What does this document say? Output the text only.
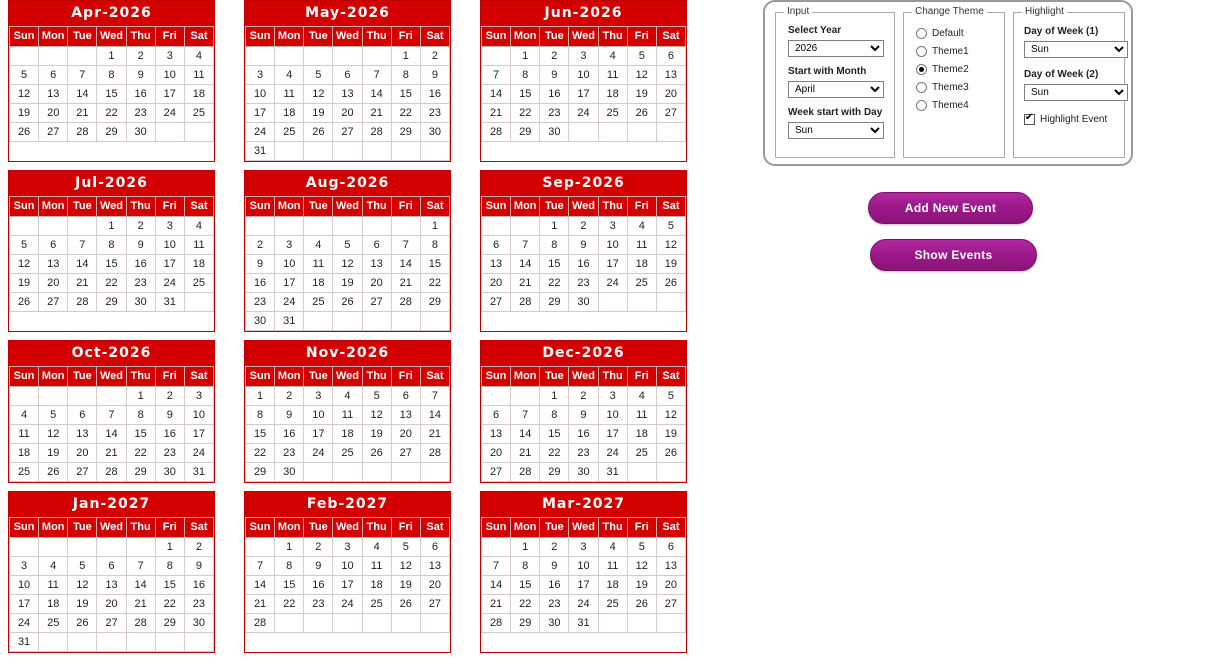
Apr-2026
Sun	Mon	Tue	Wed	Thu	Fri	Sat
			1	2	3	4
5	6	7	8	9	10	11
12	13	14	15	16	17	18
19	20	21	22	23	24	25
26	27	28	29	30		
May-2026
Sun	Mon	Tue	Wed	Thu	Fri	Sat
					1	2
3	4	5	6	7	8	9
10	11	12	13	14	15	16
17	18	19	20	21	22	23
24	25	26	27	28	29	30
31						
Jun-2026
Sun	Mon	Tue	Wed	Thu	Fri	Sat
	1	2	3	4	5	6
7	8	9	10	11	12	13
14	15	16	17	18	19	20
21	22	23	24	25	26	27
28	29	30				
Jul-2026
Sun	Mon	Tue	Wed	Thu	Fri	Sat
			1	2	3	4
5	6	7	8	9	10	11
12	13	14	15	16	17	18
19	20	21	22	23	24	25
26	27	28	29	30	31	
Aug-2026
Sun	Mon	Tue	Wed	Thu	Fri	Sat
						1
2	3	4	5	6	7	8
9	10	11	12	13	14	15
16	17	18	19	20	21	22
23	24	25	26	27	28	29
30	31					
Sep-2026
Sun	Mon	Tue	Wed	Thu	Fri	Sat
		1	2	3	4	5
6	7	8	9	10	11	12
13	14	15	16	17	18	19
20	21	22	23	24	25	26
27	28	29	30			
Oct-2026
Sun	Mon	Tue	Wed	Thu	Fri	Sat
				1	2	3
4	5	6	7	8	9	10
11	12	13	14	15	16	17
18	19	20	21	22	23	24
25	26	27	28	29	30	31
Nov-2026
Sun	Mon	Tue	Wed	Thu	Fri	Sat
1	2	3	4	5	6	7
8	9	10	11	12	13	14
15	16	17	18	19	20	21
22	23	24	25	26	27	28
29	30					
Dec-2026
Sun	Mon	Tue	Wed	Thu	Fri	Sat
		1	2	3	4	5
6	7	8	9	10	11	12
13	14	15	16	17	18	19
20	21	22	23	24	25	26
27	28	29	30	31		
Jan-2027
Sun	Mon	Tue	Wed	Thu	Fri	Sat
					1	2
3	4	5	6	7	8	9
10	11	12	13	14	15	16
17	18	19	20	21	22	23
24	25	26	27	28	29	30
31						
Feb-2027
Sun	Mon	Tue	Wed	Thu	Fri	Sat
	1	2	3	4	5	6
7	8	9	10	11	12	13
14	15	16	17	18	19	20
21	22	23	24	25	26	27
28						
Mar-2027
Sun	Mon	Tue	Wed	Thu	Fri	Sat
	1	2	3	4	5	6
7	8	9	10	11	12	13
14	15	16	17	18	19	20
21	22	23	24	25	26	27
28	29	30	31			
Input
Select Year
2026
Start with Month
April
Week start with Day
Sun
Change Theme
Default
Theme1
Theme2
Theme3
Theme4
Highlight
Day of Week (1)
Sun
Day of Week (2)
Sun
✔
Highlight Event
Add New Event
Show Events
